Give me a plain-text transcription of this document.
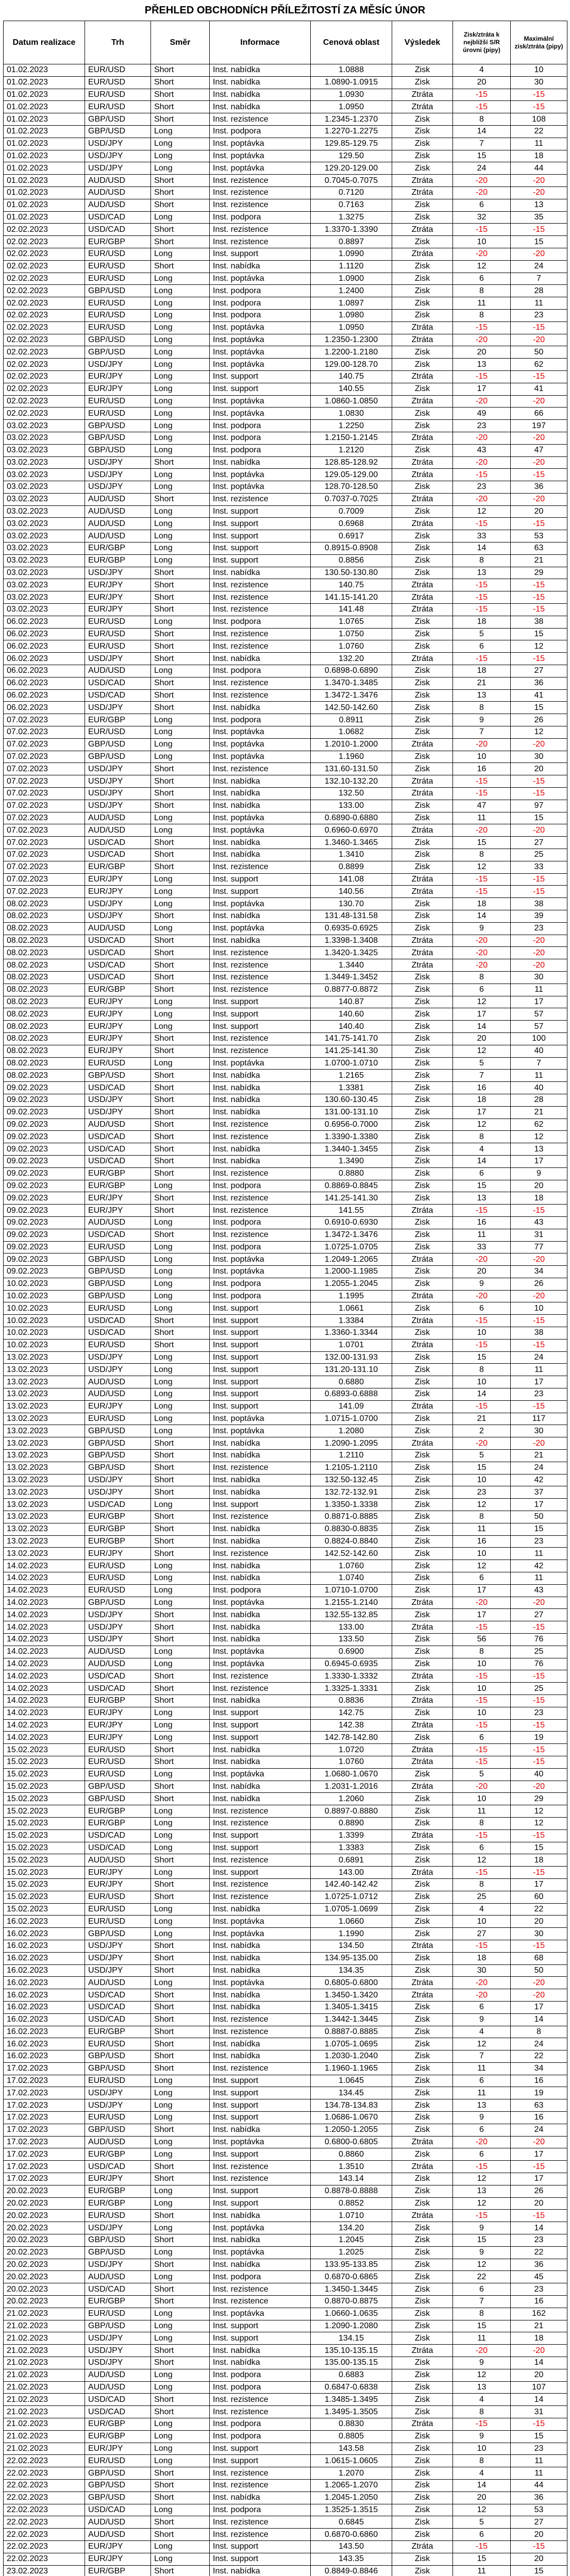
PŘEHLED OBCHODNÍCH PŘÍLEŽITOSTÍ ZA MĚSÍC ÚNOR
Datum realizace	Trh	Směr	Informace	Cenová oblast	Výsledek	Zisk/ztráta k nejbližší S/R úrovni (pipy)	Maximální zisk/ztráta (pipy)
01.02.2023	EUR/USD	Short	Inst. nabídka	1.0888	Zisk	4	10
01.02.2023	EUR/USD	Short	Inst. nabídka	1.0890-1.0915	Zisk	20	30
01.02.2023	EUR/USD	Short	Inst. nabídka	1.0930	Ztráta	-15	-15
01.02.2023	EUR/USD	Short	Inst. nabídka	1.0950	Ztráta	-15	-15
01.02.2023	GBP/USD	Short	Inst. rezistence	1.2345-1.2370	Zisk	8	108
01.02.2023	GBP/USD	Long	Inst. podpora	1.2270-1.2275	Zisk	14	22
01.02.2023	USD/JPY	Long	Inst. poptávka	129.85-129.75	Zisk	7	11
01.02.2023	USD/JPY	Long	Inst. poptávka	129.50	Zisk	15	18
01.02.2023	USD/JPY	Long	Inst. poptávka	129.20-129.00	Zisk	24	44
01.02.2023	AUD/USD	Short	Inst. rezistence	0.7045-0.7075	Ztráta	-20	-20
01.02.2023	AUD/USD	Short	Inst. rezistence	0.7120	Ztráta	-20	-20
01.02.2023	AUD/USD	Short	Inst. rezistence	0.7163	Zisk	6	13
01.02.2023	USD/CAD	Long	Inst. podpora	1.3275	Zisk	32	35
02.02.2023	USD/CAD	Short	Inst. rezistence	1.3370-1.3390	Ztráta	-15	-15
02.02.2023	EUR/GBP	Short	Inst. rezistence	0.8897	Zisk	10	15
02.02.2023	EUR/USD	Long	Inst. support	1.0990	Ztráta	-20	-20
02.02.2023	EUR/USD	Short	Inst. nabídka	1.1120	Zisk	12	24
02.02.2023	EUR/USD	Long	Inst. poptávka	1.0900	Zisk	6	7
02.02.2023	GBP/USD	Long	Inst. podpora	1.2400	Zisk	8	28
02.02.2023	EUR/USD	Long	Inst. podpora	1.0897	Zisk	11	11
02.02.2023	EUR/USD	Long	Inst. podpora	1.0980	Zisk	8	23
02.02.2023	EUR/USD	Long	Inst. poptávka	1.0950	Ztráta	-15	-15
02.02.2023	GBP/USD	Long	Inst. poptávka	1.2350-1.2300	Ztráta	-20	-20
02.02.2023	GBP/USD	Long	Inst. poptávka	1.2200-1.2180	Zisk	20	50
02.02.2023	USD/JPY	Long	Inst. poptávka	129.00-128.70	Zisk	13	62
02.02.2023	EUR/JPY	Long	Inst. support	140.75	Ztráta	-15	-15
02.02.2023	EUR/JPY	Long	Inst. support	140.55	Zisk	17	41
02.02.2023	EUR/USD	Long	Inst. poptávka	1.0860-1.0850	Ztráta	-20	-20
02.02.2023	EUR/USD	Long	Inst. poptávka	1.0830	Zisk	49	66
03.02.2023	GBP/USD	Long	Inst. podpora	1.2250	Zisk	23	197
03.02.2023	GBP/USD	Long	Inst. podpora	1.2150-1.2145	Ztráta	-20	-20
03.02.2023	GBP/USD	Long	Inst. podpora	1.2120	Zisk	43	47
03.02.2023	USD/JPY	Short	Inst. nabídka	128.85-128.92	Ztráta	-20	-20
03.02.2023	USD/JPY	Long	Inst. poptávka	129.05-129.00	Ztráta	-15	-15
03.02.2023	USD/JPY	Long	Inst. poptávka	128.70-128.50	Zisk	23	36
03.02.2023	AUD/USD	Short	Inst. rezistence	0.7037-0.7025	Ztráta	-20	-20
03.02.2023	AUD/USD	Long	Inst. support	0.7009	Zisk	12	20
03.02.2023	AUD/USD	Long	Inst. support	0.6968	Ztráta	-15	-15
03.02.2023	AUD/USD	Long	Inst. support	0.6917	Zisk	33	53
03.02.2023	EUR/GBP	Long	Inst. support	0.8915-0.8908	Zisk	14	63
03.02.2023	EUR/GBP	Long	Inst. support	0.8856	Zisk	8	21
03.02.2023	USD/JPY	Short	Inst. nabídka	130.50-130.80	Zisk	13	29
03.02.2023	EUR/JPY	Short	Inst. rezistence	140.75	Ztráta	-15	-15
03.02.2023	EUR/JPY	Short	Inst. rezistence	141.15-141.20	Ztráta	-15	-15
03.02.2023	EUR/JPY	Short	Inst. rezistence	141.48	Ztráta	-15	-15
06.02.2023	EUR/USD	Long	Inst. podpora	1.0765	Zisk	18	38
06.02.2023	EUR/USD	Short	Inst. rezistence	1.0750	Zisk	5	15
06.02.2023	EUR/USD	Short	Inst. rezistence	1.0760	Zisk	6	12
06.02.2023	USD/JPY	Short	Inst. nabídka	132.20	Ztráta	-15	-15
06.02.2023	AUD/USD	Long	Inst. podpora	0.6898-0.6890	Zisk	18	27
06.02.2023	USD/CAD	Short	Inst. rezistence	1.3470-1.3485	Zisk	21	36
06.02.2023	USD/CAD	Short	Inst. rezistence	1.3472-1.3476	Zisk	13	41
06.02.2023	USD/JPY	Short	Inst. nabídka	142.50-142.60	Zisk	8	15
07.02.2023	EUR/GBP	Long	Inst. podpora	0.8911	Zisk	9	26
07.02.2023	EUR/USD	Long	Inst. poptávka	1.0682	Zisk	7	12
07.02.2023	GBP/USD	Long	Inst. poptávka	1.2010-1.2000	Ztráta	-20	-20
07.02.2023	GBP/USD	Long	Inst. poptávka	1.1960	Zisk	10	30
07.02.2023	USD/JPY	Short	Inst. rezistence	131.60-131.50	Zisk	16	20
07.02.2023	USD/JPY	Short	Inst. nabídka	132.10-132.20	Ztráta	-15	-15
07.02.2023	USD/JPY	Short	Inst. nabídka	132.50	Ztráta	-15	-15
07.02.2023	USD/JPY	Short	Inst. nabídka	133.00	Zisk	47	97
07.02.2023	AUD/USD	Long	Inst. poptávka	0.6890-0.6880	Zisk	11	15
07.02.2023	AUD/USD	Long	Inst. poptávka	0.6960-0.6970	Ztráta	-20	-20
07.02.2023	USD/CAD	Short	Inst. nabídka	1.3460-1.3465	Zisk	15	27
07.02.2023	USD/CAD	Short	Inst. nabídka	1.3410	Zisk	8	25
07.02.2023	EUR/GBP	Short	Inst. rezistence	0.8899	Zisk	12	33
07.02.2023	EUR/JPY	Long	Inst. support	141.08	Ztráta	-15	-15
07.02.2023	EUR/JPY	Long	Inst. support	140.56	Ztráta	-15	-15
08.02.2023	USD/JPY	Long	Inst. poptávka	130.70	Zisk	18	38
08.02.2023	USD/JPY	Short	Inst. nabídka	131.48-131.58	Zisk	14	39
08.02.2023	AUD/USD	Long	Inst. poptávka	0.6935-0.6925	Zisk	9	23
08.02.2023	USD/CAD	Short	Inst. nabídka	1.3398-1.3408	Ztráta	-20	-20
08.02.2023	USD/CAD	Short	Inst. rezistence	1.3420-1.3425	Ztráta	-20	-20
08.02.2023	USD/CAD	Short	Inst. rezistence	1.3440	Ztráta	-20	-20
08.02.2023	USD/CAD	Short	Inst. rezistence	1.3449-1.3452	Zisk	8	30
08.02.2023	EUR/GBP	Short	Inst. rezistence	0.8877-0.8872	Zisk	6	11
08.02.2023	EUR/JPY	Long	Inst. support	140.87	Zisk	12	17
08.02.2023	EUR/JPY	Long	Inst. support	140.60	Zisk	17	57
08.02.2023	EUR/JPY	Long	Inst. support	140.40	Zisk	14	57
08.02.2023	EUR/JPY	Short	Inst. rezistence	141.75-141.70	Zisk	20	100
08.02.2023	EUR/JPY	Short	Inst. rezistence	141.25-141.30	Zisk	12	40
08.02.2023	EUR/USD	Long	Inst. poptávka	1.0700-1.0710	Zisk	5	7
08.02.2023	GBP/USD	Short	Inst. nabídka	1.2165	Zisk	7	11
09.02.2023	USD/CAD	Short	Inst. nabídka	1.3381	Zisk	16	40
09.02.2023	USD/JPY	Short	Inst. nabídka	130.60-130.45	Zisk	18	28
09.02.2023	USD/JPY	Short	Inst. nabídka	131.00-131.10	Zisk	17	21
09.02.2023	AUD/USD	Short	Inst. rezistence	0.6956-0.7000	Zisk	12	62
09.02.2023	USD/CAD	Short	Inst. rezistence	1.3390-1.3380	Zisk	8	12
09.02.2023	USD/CAD	Short	Inst. nabídka	1.3440-1.3455	Zisk	4	13
09.02.2023	USD/CAD	Short	Inst. nabídka	1.3490	Zisk	14	17
09.02.2023	EUR/GBP	Short	Inst. rezistence	0.8880	Zisk	6	9
09.02.2023	EUR/GBP	Long	Inst. podpora	0.8869-0.8845	Zisk	15	20
09.02.2023	EUR/JPY	Short	Inst. rezistence	141.25-141.30	Zisk	13	18
09.02.2023	EUR/JPY	Short	Inst. rezistence	141.55	Ztráta	-15	-15
09.02.2023	AUD/USD	Long	Inst. podpora	0.6910-0.6930	Zisk	16	43
09.02.2023	USD/CAD	Short	Inst. rezistence	1.3472-1.3476	Zisk	11	31
09.02.2023	EUR/USD	Long	Inst. podpora	1.0725-1.0705	Zisk	33	77
09.02.2023	GBP/USD	Long	Inst. poptávka	1.2049-1.2065	Ztráta	-20	-20
09.02.2023	GBP/USD	Long	Inst. poptávka	1.2000-1.1985	Zisk	20	34
10.02.2023	GBP/USD	Long	Inst. podpora	1.2055-1.2045	Zisk	9	26
10.02.2023	GBP/USD	Long	Inst. podpora	1.1995	Ztráta	-20	-20
10.02.2023	EUR/USD	Long	Inst. support	1.0661	Zisk	6	10
10.02.2023	USD/CAD	Short	Inst. support	1.3384	Ztráta	-15	-15
10.02.2023	USD/CAD	Short	Inst. support	1.3360-1.3344	Zisk	10	38
10.02.2023	EUR/USD	Short	Inst. support	1.0701	Ztráta	-15	-15
13.02.2023	USD/JPY	Long	Inst. support	132.00-131.93	Zisk	15	24
13.02.2023	USD/JPY	Long	Inst. support	131.20-131.10	Zisk	8	11
13.02.2023	AUD/USD	Long	Inst. support	0.6880	Zisk	10	17
13.02.2023	AUD/USD	Long	Inst. support	0.6893-0.6888	Zisk	14	23
13.02.2023	EUR/JPY	Long	Inst. support	141.09	Ztráta	-15	-15
13.02.2023	EUR/USD	Long	Inst. poptávka	1.0715-1.0700	Zisk	21	117
13.02.2023	GBP/USD	Long	Inst. poptávka	1.2080	Zisk	2	30
13.02.2023	GBP/USD	Short	Inst. nabídka	1.2090-1.2095	Ztráta	-20	-20
13.02.2023	GBP/USD	Short	Inst. nabídka	1.2110	Zisk	5	21
13.02.2023	GBP/USD	Short	Inst. rezistence	1.2105-1.2110	Zisk	15	24
13.02.2023	USD/JPY	Short	Inst. nabídka	132.50-132.45	Zisk	10	42
13.02.2023	USD/JPY	Short	Inst. nabídka	132.72-132.91	Zisk	23	37
13.02.2023	USD/CAD	Long	Inst. support	1.3350-1.3338	Zisk	12	17
13.02.2023	EUR/GBP	Short	Inst. rezistence	0.8871-0.8885	Zisk	8	50
13.02.2023	EUR/GBP	Short	Inst. nabídka	0.8830-0.8835	Zisk	11	15
13.02.2023	EUR/GBP	Short	Inst. nabídka	0.8824-0.8840	Zisk	16	23
13.02.2023	EUR/JPY	Short	Inst. rezistence	142.52-142.60	Zisk	10	11
14.02.2023	EUR/USD	Long	Inst. nabídka	1.0760	Zisk	12	42
14.02.2023	EUR/USD	Long	Inst. nabídka	1.0740	Zisk	6	11
14.02.2023	EUR/USD	Long	Inst. podpora	1.0710-1.0700	Zisk	17	43
14.02.2023	GBP/USD	Long	Inst. poptávka	1.2155-1.2140	Ztráta	-20	-20
14.02.2023	USD/JPY	Short	Inst. nabídka	132.55-132.85	Zisk	17	27
14.02.2023	USD/JPY	Short	Inst. nabídka	133.00	Ztráta	-15	-15
14.02.2023	USD/JPY	Short	Inst. nabídka	133.50	Zisk	56	76
14.02.2023	AUD/USD	Long	Inst. poptávka	0.6900	Zisk	8	25
14.02.2023	AUD/USD	Long	Inst. poptávka	0.6945-0.6935	Zisk	10	76
14.02.2023	USD/CAD	Short	Inst. rezistence	1.3330-1.3332	Ztráta	-15	-15
14.02.2023	USD/CAD	Short	Inst. rezistence	1.3325-1.3331	Zisk	10	25
14.02.2023	EUR/GBP	Short	Inst. nabídka	0.8836	Ztráta	-15	-15
14.02.2023	EUR/JPY	Long	Inst. support	142.75	Zisk	10	23
14.02.2023	EUR/JPY	Long	Inst. support	142.38	Ztráta	-15	-15
14.02.2023	EUR/JPY	Long	Inst. support	142.78-142.80	Zisk	6	19
15.02.2023	EUR/USD	Short	Inst. nabídka	1.0720	Ztráta	-15	-15
15.02.2023	EUR/USD	Short	Inst. nabídka	1.0760	Ztráta	-15	-15
15.02.2023	EUR/USD	Long	Inst. poptávka	1.0680-1.0670	Zisk	5	40
15.02.2023	GBP/USD	Short	Inst. nabídka	1.2031-1.2016	Ztráta	-20	-20
15.02.2023	GBP/USD	Short	Inst. nabídka	1.2060	Zisk	10	29
15.02.2023	EUR/GBP	Long	Inst. rezistence	0.8897-0.8880	Zisk	11	12
15.02.2023	EUR/GBP	Long	Inst. rezistence	0.8890	Zisk	8	12
15.02.2023	USD/CAD	Long	Inst. support	1.3399	Ztráta	-15	-15
15.02.2023	USD/CAD	Long	Inst. support	1.3383	Zisk	6	15
15.02.2023	AUD/USD	Short	Inst. rezistence	0.6891	Zisk	12	18
15.02.2023	EUR/JPY	Long	Inst. support	143.00	Ztráta	-15	-15
15.02.2023	EUR/JPY	Short	Inst. rezistence	142.40-142.42	Zisk	8	17
15.02.2023	EUR/USD	Short	Inst. rezistence	1.0725-1.0712	Zisk	25	60
15.02.2023	EUR/USD	Long	Inst. nabídka	1.0705-1.0699	Zisk	4	22
16.02.2023	EUR/USD	Long	Inst. poptávka	1.0660	Zisk	10	20
16.02.2023	GBP/USD	Long	Inst. poptávka	1.1990	Zisk	27	30
16.02.2023	USD/JPY	Short	Inst. nabídka	134.50	Ztráta	-15	-15
16.02.2023	USD/JPY	Short	Inst. nabídka	134.95-135.00	Zisk	18	68
16.02.2023	USD/JPY	Short	Inst. nabídka	134.35	Zisk	30	50
16.02.2023	AUD/USD	Long	Inst. poptávka	0.6805-0.6800	Ztráta	-20	-20
16.02.2023	USD/CAD	Short	Inst. nabídka	1.3450-1.3420	Ztráta	-20	-20
16.02.2023	USD/CAD	Short	Inst. nabídka	1.3405-1.3415	Zisk	6	17
16.02.2023	USD/CAD	Short	Inst. rezistence	1.3442-1.3445	Zisk	9	14
16.02.2023	EUR/GBP	Short	Inst. rezistence	0.8887-0.8885	Zisk	4	8
16.02.2023	EUR/USD	Short	Inst. nabídka	1.0705-1.0695	Zisk	12	24
16.02.2023	GBP/USD	Short	Inst. nabídka	1.2030-1.2040	Zisk	7	22
17.02.2023	GBP/USD	Short	Inst. rezistence	1.1960-1.1965	Zisk	11	34
17.02.2023	EUR/USD	Long	Inst. support	1.0645	Zisk	6	16
17.02.2023	USD/JPY	Long	Inst. support	134.45	Zisk	11	19
17.02.2023	USD/JPY	Long	Inst. support	134.78-134.83	Zisk	13	63
17.02.2023	EUR/USD	Long	Inst. support	1.0686-1.0670	Zisk	9	16
17.02.2023	GBP/USD	Short	Inst. nabídka	1.2050-1.2055	Zisk	6	24
17.02.2023	AUD/USD	Long	Inst. poptávka	0.6800-0.6805	Ztráta	-20	-20
17.02.2023	EUR/GBP	Long	Inst. support	0.8860	Zisk	6	17
17.02.2023	USD/CAD	Short	Inst. rezistence	1.3510	Ztráta	-15	-15
17.02.2023	EUR/JPY	Short	Inst. rezistence	143.14	Zisk	12	17
20.02.2023	EUR/GBP	Long	Inst. support	0.8878-0.8888	Zisk	13	26
20.02.2023	EUR/GBP	Long	Inst. support	0.8852	Zisk	12	20
20.02.2023	EUR/USD	Short	Inst. nabídka	1.0710	Ztráta	-15	-15
20.02.2023	USD/JPY	Long	Inst. poptávka	134.20	Zisk	9	14
20.02.2023	GBP/USD	Short	Inst. nabídka	1.2045	Zisk	15	23
20.02.2023	GBP/USD	Long	Inst. poptávka	1.2025	Zisk	9	22
20.02.2023	USD/JPY	Short	Inst. nabídka	133.95-133.85	Zisk	12	36
20.02.2023	AUD/USD	Long	Inst. podpora	0.6870-0.6865	Zisk	22	45
20.02.2023	USD/CAD	Short	Inst. rezistence	1.3450-1.3445	Zisk	6	23
20.02.2023	EUR/GBP	Short	Inst. rezistence	0.8870-0.8875	Zisk	7	16
21.02.2023	EUR/USD	Long	Inst. poptávka	1.0660-1.0635	Zisk	8	162
21.02.2023	GBP/USD	Long	Inst. support	1.2090-1.2080	Zisk	15	21
21.02.2023	USD/JPY	Long	Inst. support	134.15	Zisk	11	18
21.02.2023	USD/JPY	Short	Inst. nabídka	135.10-135.15	Ztráta	-20	-20
21.02.2023	USD/JPY	Short	Inst. nabídka	135.00-135.15	Zisk	9	14
21.02.2023	AUD/USD	Long	Inst. podpora	0.6883	Zisk	12	20
21.02.2023	AUD/USD	Long	Inst. podpora	0.6847-0.6838	Zisk	13	107
21.02.2023	USD/CAD	Short	Inst. rezistence	1.3485-1.3495	Zisk	4	14
21.02.2023	USD/CAD	Short	Inst. rezistence	1.3495-1.3505	Zisk	8	31
21.02.2023	EUR/GBP	Long	Inst. podpora	0.8830	Ztráta	-15	-15
21.02.2023	EUR/GBP	Long	Inst. podpora	0.8805	Zisk	9	15
21.02.2023	EUR/JPY	Long	Inst. support	143.58	Zisk	10	23
22.02.2023	EUR/USD	Long	Inst. support	1.0615-1.0605	Zisk	8	11
22.02.2023	GBP/USD	Short	Inst. rezistence	1.2070	Zisk	4	11
22.02.2023	GBP/USD	Short	Inst. rezistence	1.2065-1.2070	Zisk	14	44
22.02.2023	GBP/USD	Short	Inst. nabídka	1.2045-1.2050	Zisk	20	36
22.02.2023	USD/CAD	Long	Inst. podpora	1.3525-1.3515	Zisk	12	53
22.02.2023	AUD/USD	Short	Inst. rezistence	0.6845	Zisk	5	27
22.02.2023	AUD/USD	Short	Inst. rezistence	0.6870-0.6860	Zisk	6	20
22.02.2023	EUR/JPY	Long	Inst. support	143.50	Ztráta	-15	-15
22.02.2023	EUR/JPY	Long	Inst. support	143.35	Zisk	15	20
23.02.2023	EUR/GBP	Short	Inst. nabídka	0.8849-0.8846	Zisk	11	15
